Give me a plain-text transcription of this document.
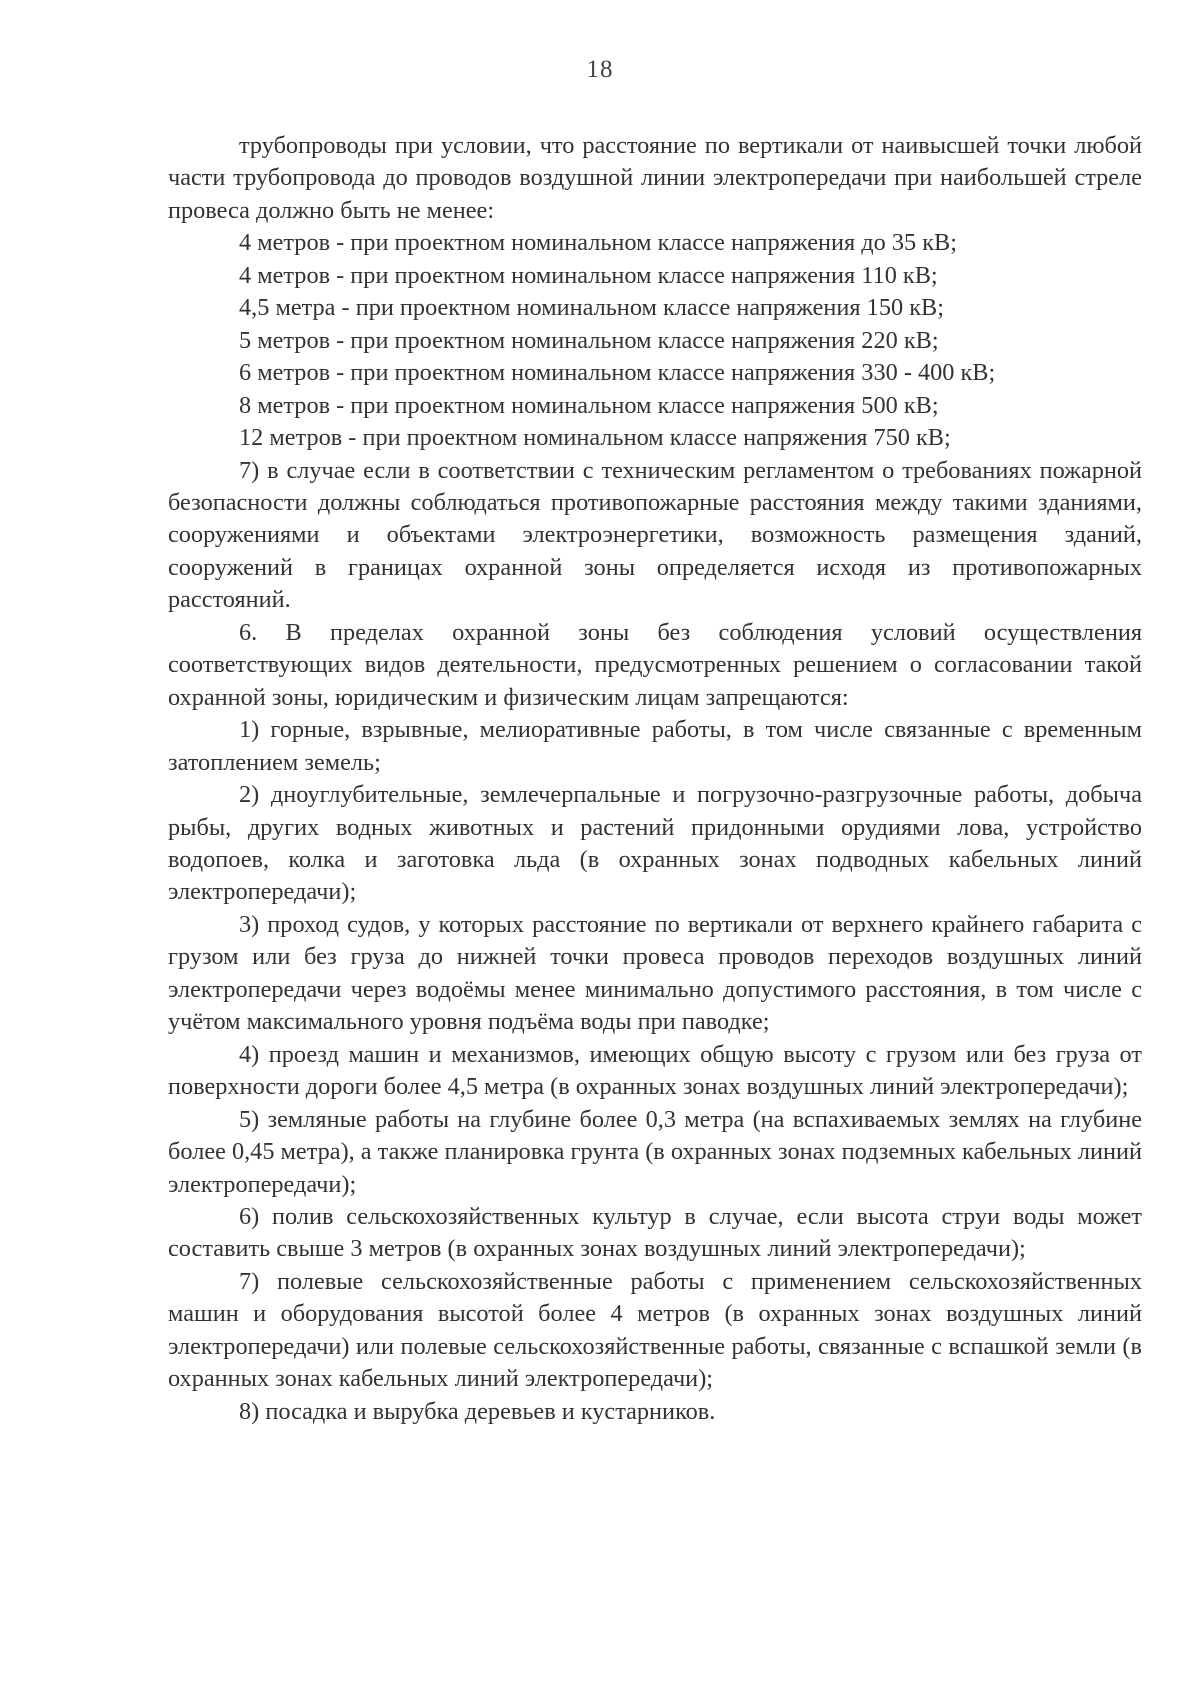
18

трубопроводы при условии, что расстояние по вертикали от наивысшей точки любой части трубопровода до проводов воздушной линии электропередачи при наибольшей стреле провеса должно быть не менее:

4 метров - при проектном номинальном классе напряжения до 35 кВ;

4 метров - при проектном номинальном классе напряжения 110 кВ;

4,5 метра - при проектном номинальном классе напряжения 150 кВ;

5 метров - при проектном номинальном классе напряжения 220 кВ;

6 метров - при проектном номинальном классе напряжения 330 - 400 кВ;

8 метров - при проектном номинальном классе напряжения 500 кВ;

12 метров - при проектном номинальном классе напряжения 750 кВ;

7) в случае если в соответствии с техническим регламентом о требованиях пожарной безопасности должны соблюдаться противопожарные расстояния между такими зданиями, сооружениями и объектами электроэнергетики, возможность размещения зданий, сооружений в границах охранной зоны определяется исходя из противопожарных расстояний.

6. В пределах охранной зоны без соблюдения условий осуществления соответствующих видов деятельности, предусмотренных решением о согласовании такой охранной зоны, юридическим и физическим лицам запрещаются:

1) горные, взрывные, мелиоративные работы, в том числе связанные с временным затоплением земель;

2) дноуглубительные, землечерпальные и погрузочно-разгрузочные работы, добыча рыбы, других водных животных и растений придонными орудиями лова, устройство водопоев, колка и заготовка льда (в охранных зонах подводных кабельных линий электропередачи);

3) проход судов, у которых расстояние по вертикали от верхнего крайнего габарита с грузом или без груза до нижней точки провеса проводов переходов воздушных линий электропередачи через водоёмы менее минимально допустимого расстояния, в том числе с учётом максимального уровня подъёма воды при паводке;

4) проезд машин и механизмов, имеющих общую высоту с грузом или без груза от поверхности дороги более 4,5 метра (в охранных зонах воздушных линий электропередачи);

5) земляные работы на глубине более 0,3 метра (на вспахиваемых землях на глубине более 0,45 метра), а также планировка грунта (в охранных зонах подземных кабельных линий электропередачи);

6) полив сельскохозяйственных культур в случае, если высота струи воды может составить свыше 3 метров (в охранных зонах воздушных линий электропередачи);

7) полевые сельскохозяйственные работы с применением сельскохозяйственных машин и оборудования высотой более 4 метров (в охранных зонах воздушных линий электропередачи) или полевые сельскохозяйственные работы, связанные с вспашкой земли (в охранных зонах кабельных линий электропередачи);

8) посадка и вырубка деревьев и кустарников.
